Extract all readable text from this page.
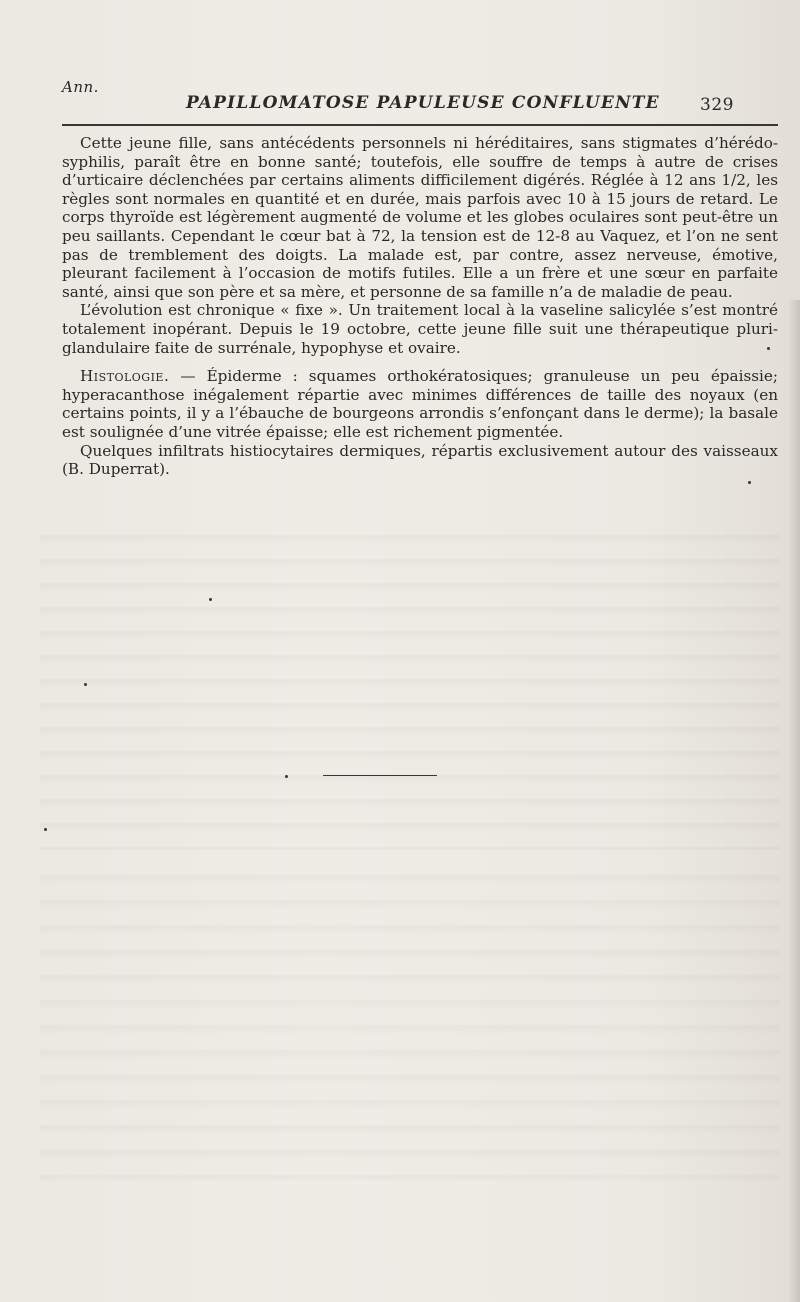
Ann.
PAPILLOMATOSE PAPULEUSE CONFLUENTE 329

Cette jeune fille, sans antécédents personnels ni héréditaires, sans stigmates d’hérédo-syphilis, paraît être en bonne santé; toutefois, elle souffre de temps à autre de crises d’urticaire déclenchées par certains aliments difficilement digérés. Réglée à 12 ans 1/2, les règles sont normales en quantité et en durée, mais parfois avec 10 à 15 jours de retard. Le corps thyroïde est légèrement augmenté de volume et les globes oculaires sont peut-être un peu saillants. Cependant le cœur bat à 72, la tension est de 12-8 au Vaquez, et l’on ne sent pas de tremblement des doigts. La malade est, par contre, assez nerveuse, émotive, pleurant facilement à l’occasion de motifs futiles. Elle a un frère et une sœur en parfaite santé, ainsi que son père et sa mère, et personne de sa famille n’a de maladie de peau.

L’évolution est chronique « fixe ». Un traitement local à la vaseline salicylée s’est montré totalement inopérant. Depuis le 19 octobre, cette jeune fille suit une thérapeutique pluri-glandulaire faite de surrénale, hypophyse et ovaire.

Histologie. — Épiderme : squames orthokératosiques; granuleuse un peu épaissie; hyperacanthose inégalement répartie avec minimes différences de taille des noyaux (en certains points, il y a l’ébauche de bourgeons arrondis s’enfonçant dans le derme); la basale est soulignée d’une vitrée épaisse; elle est richement pigmentée.

Quelques infiltrats histiocytaires dermiques, répartis exclusivement autour des vaisseaux (B. Duperrat).
